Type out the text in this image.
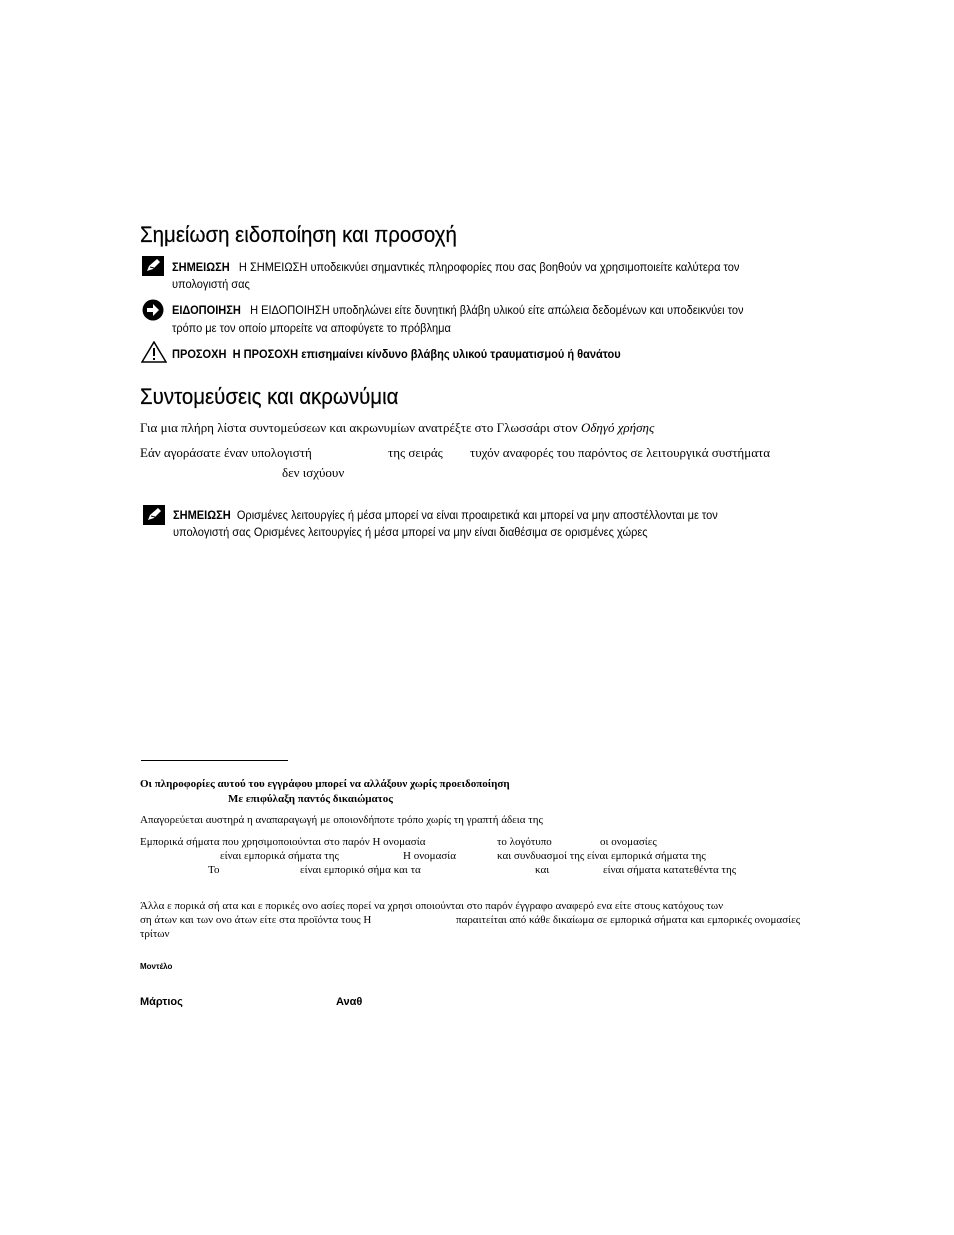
Σημείωση ειδοποίηση και προσοχή
ΣΗΜΕΙΩΣΗ Η ΣΗΜΕΙΩΣΗ υποδεικνύει σημαντικές πληροφορίες που σας βοηθούν να χρησιμοποιείτε καλύτερα τον
υπολογιστή σας
ΕΙΔΟΠΟΙΗΣΗ Η ΕΙΔΟΠΟΙΗΣΗ υποδηλώνει είτε δυνητική βλάβη υλικού είτε απώλεια δεδομένων και υποδεικνύει τον
τρόπο με τον οποίο μπορείτε να αποφύγετε το πρόβλημα
ΠΡΟΣΟΧΗ Η ΠΡΟΣΟΧΗ επισημαίνει κίνδυνο βλάβης υλικού τραυματισμού ή θανάτου
Συντομεύσεις και ακρωνύμια
Για μια πλήρη λίστα συντομεύσεων και ακρωνυμίων ανατρέξτε στο Γλωσσάρι στον Οδηγό χρήσης
Εάν αγοράσατε έναν υπολογιστή	της σειράς τυχόν αναφορές του παρόντος σε λειτουργικά συστήματα
δεν ισχύουν
ΣΗΜΕΙΩΣΗ Ορισμένες λειτουργίες ή μέσα μπορεί να είναι προαιρετικά και μπορεί να μην αποστέλλονται με τον
υπολογιστή σας Ορισμένες λειτουργίες ή μέσα μπορεί να μην είναι διαθέσιμα σε ορισμένες χώρες
Οι πληροφορίες αυτού του εγγράφου μπορεί να αλλάξουν χωρίς προειδοποίηση
Με επιφύλαξη παντός δικαιώματος
Απαγορεύεται αυστηρά η αναπαραγωγή με οποιονδήποτε τρόπο χωρίς τη γραπτή άδεια της
Εμπορικά σήματα που χρησιμοποιούνται στο παρόν Η ονομασία	το λογότυπο	οι ονομασίες
είναι εμπορικά σήματα της	Η ονομασία	και συνδυασμοί της είναι εμπορικά σήματα της
Το	είναι εμπορικό σήμα και τα	και	είναι σήματα κατατεθέντα της
Άλλα ε πορικά σή ατα και ε πορικές ονο ασίες πορεί να χρησι οποιούνται στο παρόν έγγραφο αναφερό ενα είτε στους κατόχους των
ση άτων και των ονο άτων είτε στα προϊόντα τους Η	παραιτείται από κάθε δικαίωμα σε εμπορικά σήματα και εμπορικές ονομασίες
τρίτων
Μοντέλο
Μάρτιος	Αναθ
